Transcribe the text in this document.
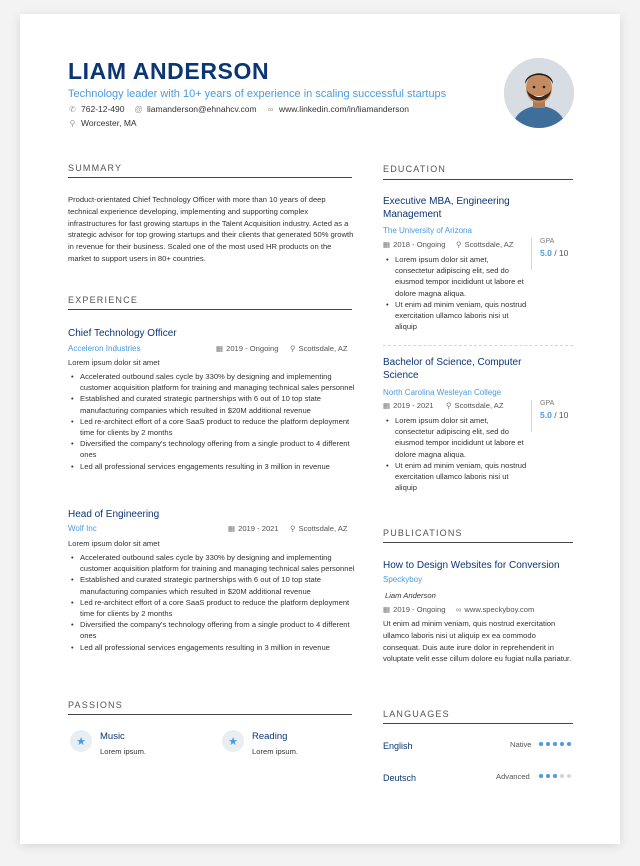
LIAM ANDERSON
Technology leader with 10+ years of experience in scaling successful startups
✆ 762-12-490 @ liamanderson@ehnahcv.com ∞ www.linkedin.com/in/liamanderson
⚲ Worcester, MA
SUMMARY
Product-orientated Chief Technology Officer with more than 10 years of deep technical experience developing, implementing and supporting complex infrastructures for fast growing startups in the Talent Acquisition industry. Acted as a strategic advisor for top growing startups and their clients that generated 50% growth in revenue for their business. Scaled one of the most used HR products on the market to support users in 80+ countries.
EXPERIENCE
Chief Technology Officer
Acceleron Industries	▦ 2019 - Ongoing ⚲ Scottsdale, AZ
Lorem ipsum dolor sit amet
• Accelerated outbound sales cycle by 330% by designing and implementing customer acquisition platform for training and managing technical sales personnel
• Established and curated strategic partnerships with 6 out of 10 top state manufacturing companies which resulted in $20M additional revenue
• Led re-architect effort of a core SaaS product to reduce the platform deployment time for clients by 2 months
• Diversified the company's technology offering from a single product to 4 different ones
• Led all professional services engagements resulting in 3 million in revenue
Head of Engineering
Wolf Inc	▦ 2019 - 2021 ⚲ Scottsdale, AZ
Lorem ipsum dolor sit amet
• Accelerated outbound sales cycle by 330% by designing and implementing customer acquisition platform for training and managing technical sales personnel
• Established and curated strategic partnerships with 6 out of 10 top state manufacturing companies which resulted in $20M additional revenue
• Led re-architect effort of a core SaaS product to reduce the platform deployment time for clients by 2 months
• Diversified the company's technology offering from a single product to 4 different ones
• Led all professional services engagements resulting in 3 million in revenue
PASSIONS
★	Music
Lorem ipsum.
★	Reading
Lorem ipsum.
EDUCATION
Executive MBA, Engineering Management
The University of Arizona
▦ 2018 - Ongoing ⚲ Scottsdale, AZ
• Lorem ipsum dolor sit amet, consectetur adipiscing elit, sed do eiusmod tempor incididunt ut labore et dolore magna aliqua.
• Ut enim ad minim veniam, quis nostrud exercitation ullamco laboris nisi ut aliquip
GPA
5.0 / 10
Bachelor of Science, Computer Science
North Carolina Wesleyan College
▦ 2019 - 2021 ⚲ Scottsdale, AZ
• Lorem ipsum dolor sit amet, consectetur adipiscing elit, sed do eiusmod tempor incididunt ut labore et dolore magna aliqua.
• Ut enim ad minim veniam, quis nostrud exercitation ullamco laboris nisi ut aliquip
GPA
5.0 / 10
PUBLICATIONS
How to Design Websites for Conversion
Speckyboy
Liam Anderson
▦ 2019 - Ongoing ∞ www.speckyboy.com
Ut enim ad minim veniam, quis nostrud exercitation ullamco laboris nisi ut aliquip ex ea commodo consequat. Duis aute irure dolor in reprehenderit in voluptate velit esse cillum dolore eu fugiat nulla pariatur.
LANGUAGES
English	Native
Deutsch	Advanced
